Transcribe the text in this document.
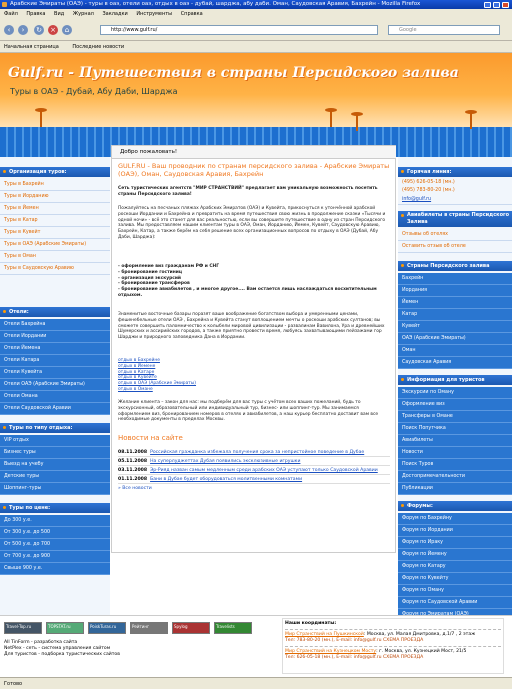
Арабские Эмираты (ОАЭ) - туры в оаэ, отели оаэ, отдых в оаэ - дубай, шарджа, абу даби. Оман, Саудовская Аравия, Бахрейн - Mozilla Firefox
Файл Правка Вид Журнал Закладки Инструменты Справка
‹	›	↻ ×	⌂	http://www.gulf.ru/	Google
Начальная страница	Последние новости
Gulf.ru - Путешествия в страны Персидского залива
Туры в ОАЭ - Дубай, Абу Даби, Шарджа
Организация туров:
Туры в Бахрейн
Туры в Иорданию
Туры в Йемен
Туры в Катар
Туры в Кувейт
Туры в ОАЭ (Арабские Эмираты)
Туры в Оман
Туры в Саудовскую Аравию
Отели:
Отели Бахрейна
Отели Иордании
Отели Йемена
Отели Катара
Отели Кувейта
Отели ОАЭ (Арабские Эмираты)
Отели Омана
Отели Саудовской Аравии
Туры по типу отдыха:
VIP отдых
Бизнес туры
Выезд на учебу
Детские туры
Шоппинг-туры
Туры по цене:
До 300 у.е.
От 300 у.е. до 500
От 500 у.е. до 700
От 700 у.е. до 900
Свыше 900 у.е.
Горячая линия:
(495) 626-05-18 (мн.)
(495) 783-80-20 (мн.)
info@gulf.ru
Авиабилеты в страны Персидского Залива
Отзывы об отелях
Оставить отзыв об отеле
Страны Персидского залива
Бахрейн
Иордания
Йемен
Катар
Кувейт
ОАЭ (Арабские Эмираты)
Оман
Саудовская Аравия
Информация для туристов
Экскурсии по Оману
Оформление виз
Трансферы в Омане
Поиск Попутчика
Авиабилеты
Новости
Поиск Туров
Достопримечательности
Публикации
Форумы:
Форум по Бахрейну
Форум по Иордании
Форум по Ираку
Форум по Йемену
Форум по Катару
Форум по Кувейту
Форум по Оману
Форум по Саудовской Аравии
Добро пожаловать!
GULF.RU - Ваш проводник по странам персидского залива - Арабские Эмираты (ОАЭ), Оман, Саудовская Аравия, Бахрейн
Сеть туристических агентств "МИР СТРАНСТВИЙ" предлагает вам уникальную возможность посетить страны Персидского залива!
Пожалуйтесь на песчаных пляжах Арабских Эмиратов (ОАЭ) и Кувейта, прикоснуться к утончённой арабской роскоши Иордании и Бахрейна и превратить на время путешествия свою жизнь в продолжение сказки «Тысячи и одной ночи» - всё это станет для вас реальностью, если вы совершите путешествие в одну из стран Персидского залива. Мы предоставляем нашим клиентам туры в ОАЭ, Оман, Иорданию, Йемен, Кувейт, Саудовскую Аравию, Бахрейн, Катар, а также берём на себя решение всех организационных вопросов по отдыху в ОАЭ (Дубай, Абу Даби, Шарджа):
- оформление виз гражданам РФ и СНГ
- бронирование гостиниц
- организация экскурсий
- бронирование трансферов
- бронирование авиабилетов , и многое другое.... Вам остается лишь наслаждаться восхитительным отдыхом.
Знаменитые восточные базары поразят ваше воображение богатством выбора и умеренными ценами, фешенебельные отели ОАЭ , Бахрейна и Кувейта станут воплощением мечты о роскоши арабских султанов; вы сможете совершить паломничество к колыбели мировой цивилизации - развалинам Вавилона, Ура и древнейших Шумерских и ассирийских городов, а также приятно провести время, любуясь захватывающими пейзажами гор Шарджи и природного заповедника Дана в Иордании.
отдых в Бахрейне
отдых в Йемене
отдых в Катаре
отдых в Кувейте
отдых в ОАЭ (Арабские Эмираты)
отдых в Омане
Желание клиента – закон для нас: мы подберём для вас туры с учётом всех ваших пожеланий, будь то экскурсионный, образовательный или индивидуальный тур, бизнес- или шоппинг-тур. Мы занимаемся оформлением виз, бронированием номеров в отелях и авиабилетов, а наш курьер бесплатно доставит вам все необходимые документы в пределах Москвы.
Новости на сайте
08.11.2008 Российская гражданка избежала получения срока за непристойное поведение в Дубае
05.11.2008 На суперлуджеттах Дубая появились эксклюзивные игрушки
03.11.2008 Эр-Рияд назван самым медленным среди арабских ОАЭ уступают только Саудовской Аравии
01.11.2008 Бани в Дубае будет оборудоваться молитвенными комнатами
» Все новости
Travel-Top.ru	TOPSTAT.ru	PoiskTuras.ru	Рейтинг	Spylog	Travelists
All TinForm - разработка сайта
NetPlex - сеть - система управления сайтом
Для туристов - подборка туристических сайтов
Наши координаты:
Мир Странствий на Пушкинской: Москва, ул. Малая Дмитровка, д.1/7 , 2 этаж
Тел: 783-80-20 (мн.), E-mail: info@gulf.ru СХЕМА ПРОЕЗДА
Мир Странствий на Кузнецком Мосту: г. Москва, ул. Кузнецкий Мост, 21/5
Тел: 626-05-18 (мн.), E-mail: info@gulf.ru СХЕМА ПРОЕЗДА
Готово
